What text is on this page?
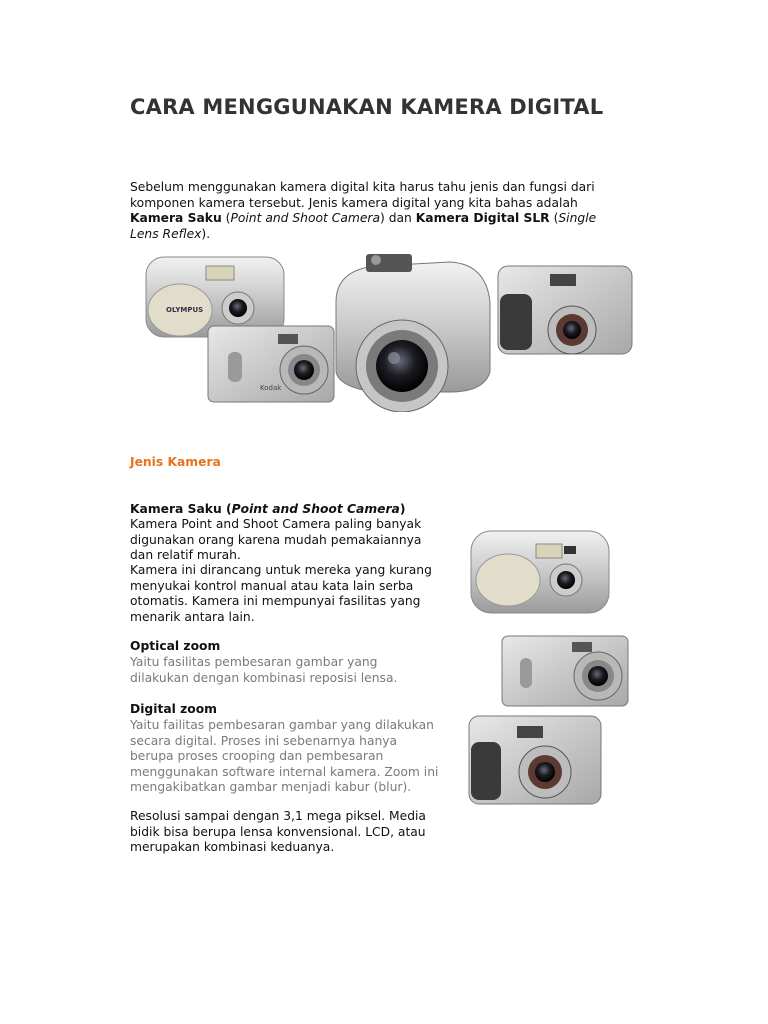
CARA MENGGUNAKAN KAMERA DIGITAL

Sebelum menggunakan kamera digital kita harus tahu jenis dan fungsi dari komponen kamera tersebut. Jenis kamera digital yang kita bahas adalah Kamera Saku (Point and Shoot Camera) dan Kamera Digital SLR (Single Lens Reflex).

OLYMPUS
Kodak

Jenis Kamera

Kamera Saku (Point and Shoot Camera)

Kamera Point and Shoot Camera paling banyak digunakan orang karena mudah pemakaiannya dan relatif murah.

Kamera ini dirancang untuk mereka yang kurang menyukai kontrol manual atau kata lain serba otomatis. Kamera ini mempunyai fasilitas yang menarik antara lain.

Optical zoom

Yaitu fasilitas pembesaran gambar yang dilakukan dengan kombinasi reposisi lensa.

Digital zoom

Yaitu failitas pembesaran gambar yang dilakukan secara digital. Proses ini sebenarnya hanya berupa proses crooping dan pembesaran menggunakan software internal kamera. Zoom ini mengakibatkan gambar menjadi kabur (blur).

Resolusi sampai dengan 3,1 mega piksel. Media bidik bisa berupa lensa konvensional. LCD, atau merupakan kombinasi keduanya.
